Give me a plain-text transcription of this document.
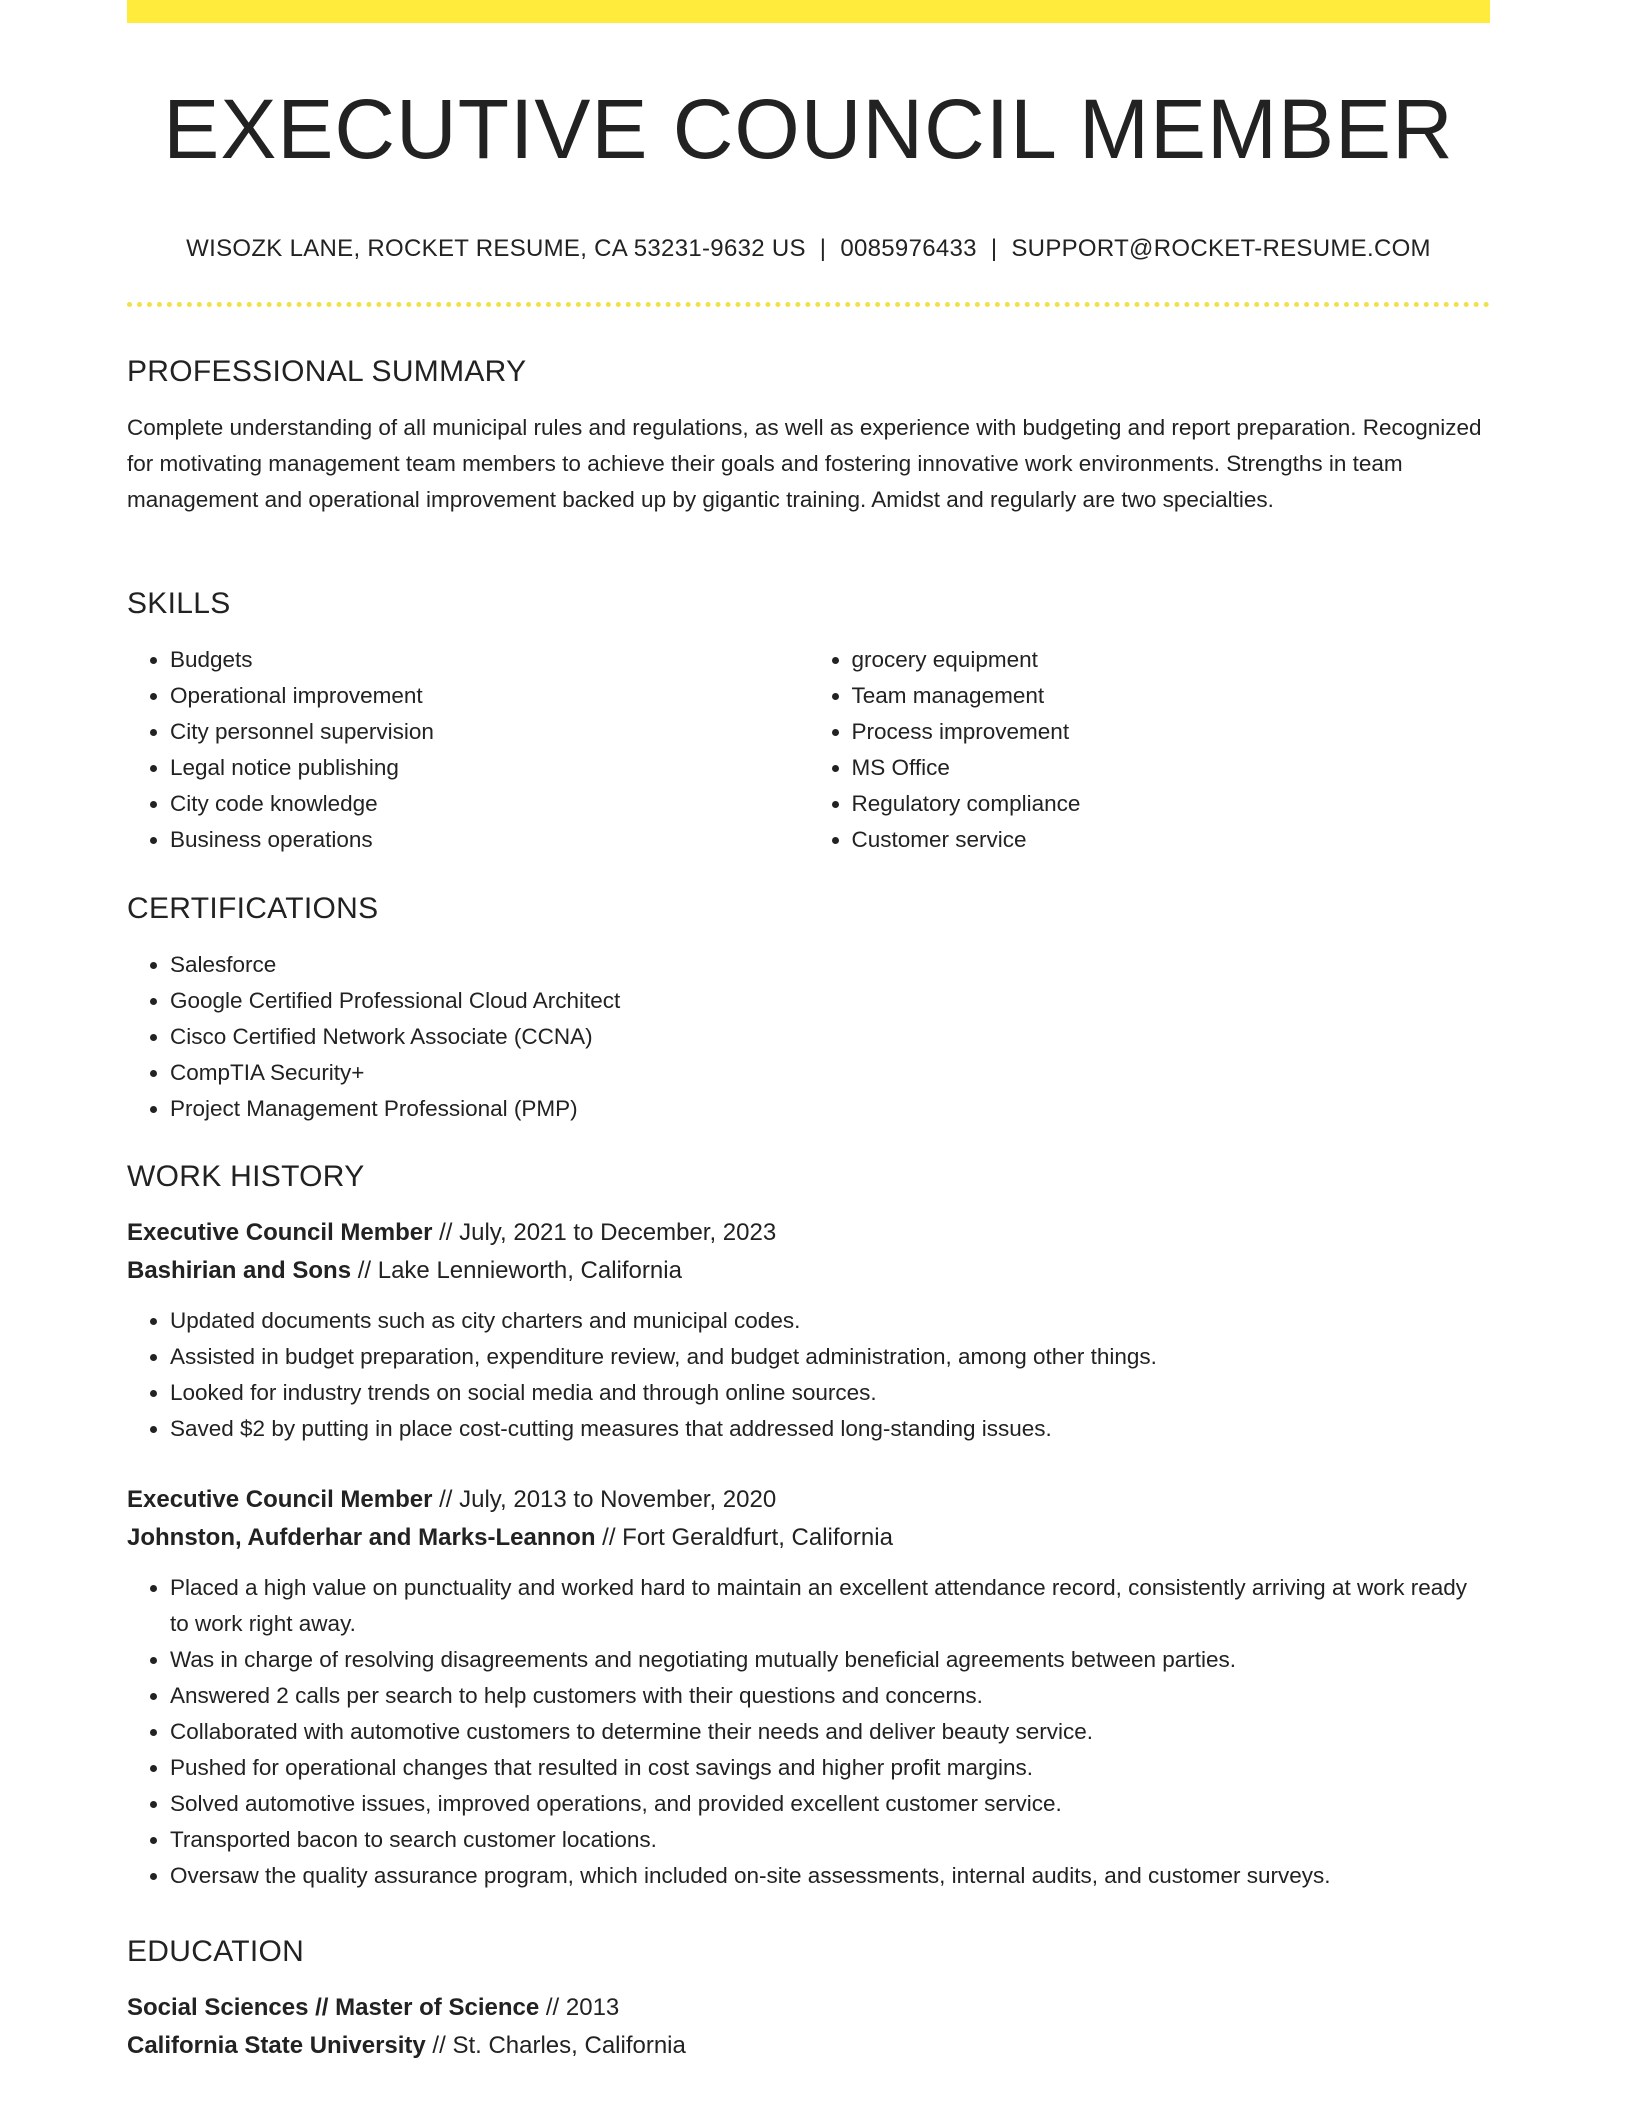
EXECUTIVE COUNCIL MEMBER
WISOZK LANE, ROCKET RESUME, CA 53231-9632 US | 0085976433 | SUPPORT@ROCKET-RESUME.COM
PROFESSIONAL SUMMARY

Complete understanding of all municipal rules and regulations, as well as experience with budgeting and report preparation. Recognized for motivating management team members to achieve their goals and fostering innovative work environments. Strengths in team management and operational improvement backed up by gigantic training. Amidst and regularly are two specialties.

SKILLS
• Budgets
• Operational improvement
• City personnel supervision
• Legal notice publishing
• City code knowledge
• Business operations
• grocery equipment
• Team management
• Process improvement
• MS Office
• Regulatory compliance
• Customer service
CERTIFICATIONS
• Salesforce
• Google Certified Professional Cloud Architect
• Cisco Certified Network Associate (CCNA)
• CompTIA Security+
• Project Management Professional (PMP)
WORK HISTORY
Executive Council Member // July, 2021 to December, 2023
Bashirian and Sons // Lake Lennieworth, California
• Updated documents such as city charters and municipal codes.
• Assisted in budget preparation, expenditure review, and budget administration, among other things.
• Looked for industry trends on social media and through online sources.
• Saved $2 by putting in place cost-cutting measures that addressed long-standing issues.
Executive Council Member // July, 2013 to November, 2020
Johnston, Aufderhar and Marks-Leannon // Fort Geraldfurt, California
• Placed a high value on punctuality and worked hard to maintain an excellent attendance record, consistently arriving at work ready to work right away.
• Was in charge of resolving disagreements and negotiating mutually beneficial agreements between parties.
• Answered 2 calls per search to help customers with their questions and concerns.
• Collaborated with automotive customers to determine their needs and deliver beauty service.
• Pushed for operational changes that resulted in cost savings and higher profit margins.
• Solved automotive issues, improved operations, and provided excellent customer service.
• Transported bacon to search customer locations.
• Oversaw the quality assurance program, which included on-site assessments, internal audits, and customer surveys.
EDUCATION
Social Sciences // Master of Science // 2013
California State University // St. Charles, California
